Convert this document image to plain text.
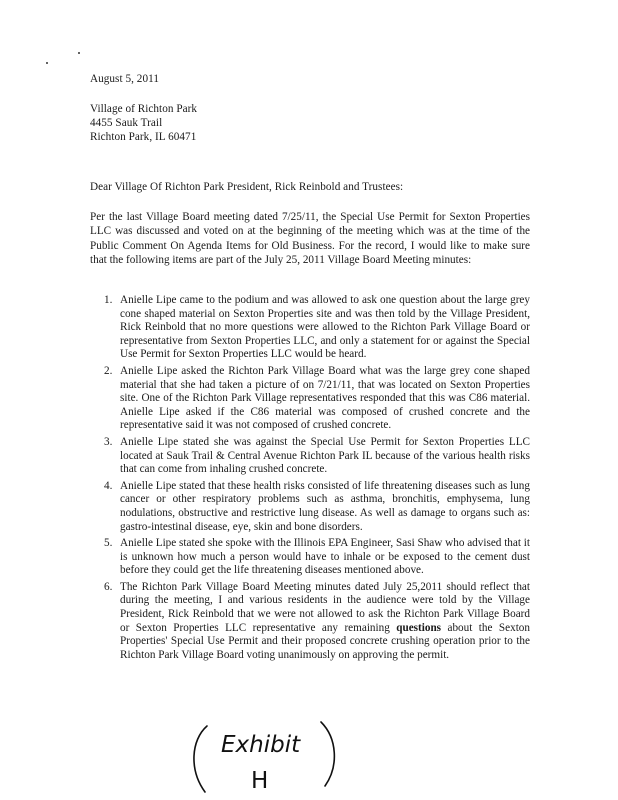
August 5, 2011
Village of Richton Park
4455 Sauk Trail
Richton Park, IL 60471
Dear Village Of Richton Park President, Rick Reinbold and Trustees:
Per the last Village Board meeting dated 7/25/11, the Special Use Permit for Sexton Properties LLC was discussed and voted on at the beginning of the meeting which was at the time of the Public Comment On Agenda Items for Old Business. For the record, I would like to make sure that the following items are part of the July 25, 2011 Village Board Meeting minutes:
1. Anielle Lipe came to the podium and was allowed to ask one question about the large grey cone shaped material on Sexton Properties site and was then told by the Village President, Rick Reinbold that no more questions were allowed to the Richton Park Village Board or representative from Sexton Properties LLC, and only a statement for or against the Special Use Permit for Sexton Properties LLC would be heard.
2. Anielle Lipe asked the Richton Park Village Board what was the large grey cone shaped material that she had taken a picture of on 7/21/11, that was located on Sexton Properties site. One of the Richton Park Village representatives responded that this was C86 material. Anielle Lipe asked if the C86 material was composed of crushed concrete and the representative said it was not composed of crushed concrete.
3. Anielle Lipe stated she was against the Special Use Permit for Sexton Properties LLC located at Sauk Trail & Central Avenue Richton Park IL because of the various health risks that can come from inhaling crushed concrete.
4. Anielle Lipe stated that these health risks consisted of life threatening diseases such as lung cancer or other respiratory problems such as asthma, bronchitis, emphysema, lung nodulations, obstructive and restrictive lung disease. As well as damage to organs such as: gastro-intestinal disease, eye, skin and bone disorders.
5. Anielle Lipe stated she spoke with the Illinois EPA Engineer, Sasi Shaw who advised that it is unknown how much a person would have to inhale or be exposed to the cement dust before they could get the life threatening diseases mentioned above.
6. The Richton Park Village Board Meeting minutes dated July 25,2011 should reflect that during the meeting, I and various residents in the audience were told by the Village President, Rick Reinbold that we were not allowed to ask the Richton Park Village Board or Sexton Properties LLC representative any remaining questions about the Sexton Properties' Special Use Permit and their proposed concrete crushing operation prior to the Richton Park Village Board voting unanimously on approving the permit.
Exhibit
H
